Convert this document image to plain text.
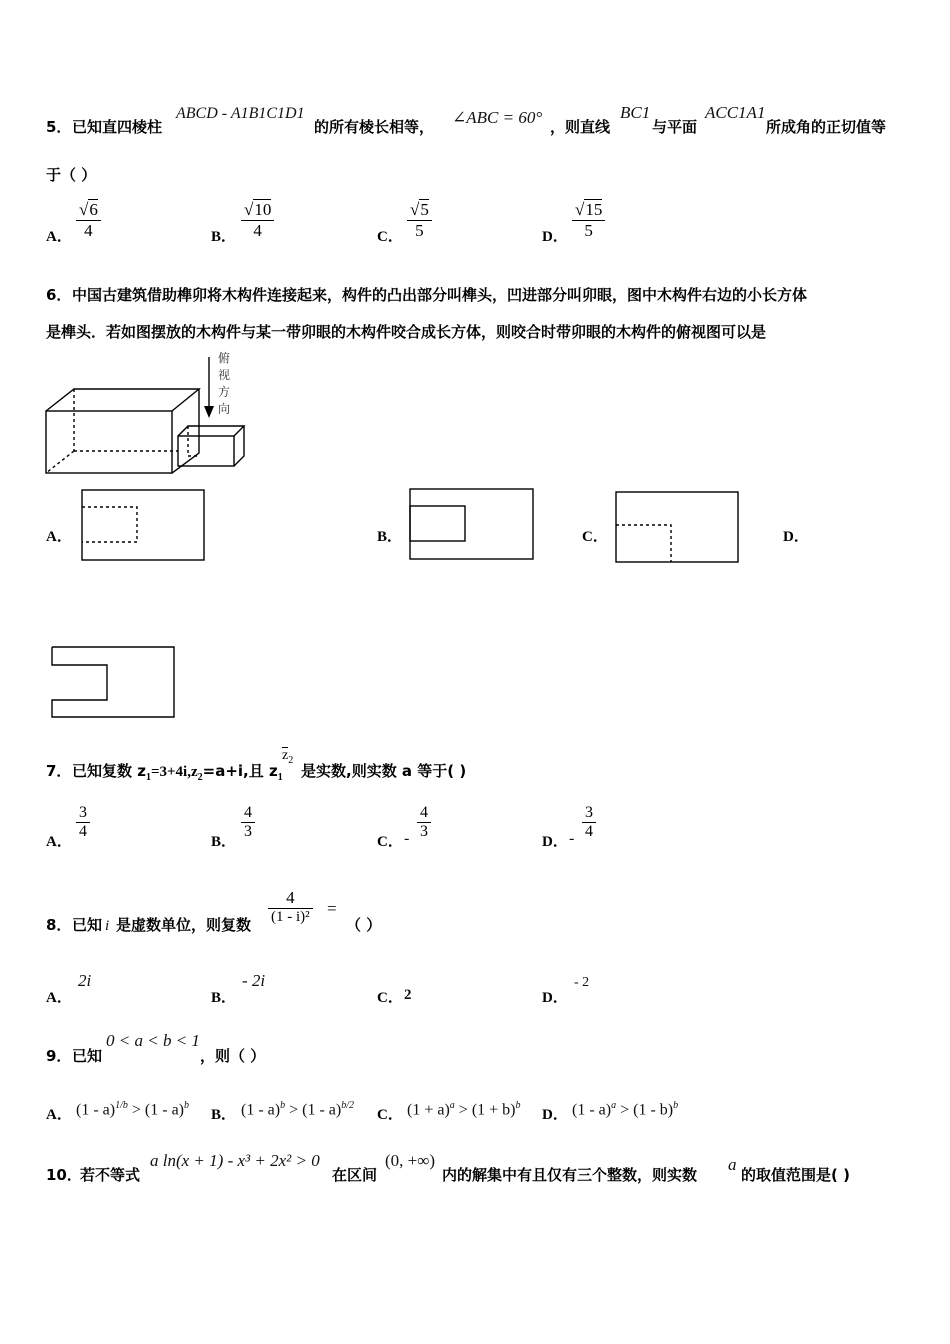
5． 已知直四棱柱
ABCD - A1B1C1D1
的所有棱长相等， ∠ABC = 60° ，则直线
BC1
与平面
ACC1A1
所成角的正切值等
于（ ）
A． $\frac{√6}{4}$	B． $\frac{√10}{4}$	C． $\frac{√5}{5}$	D． $\frac{√15}{5}$
6． 中国古建筑借助榫卯将木构件连接起来，构件的凸出部分叫榫头，凹进部分叫卯眼，图中木构件右边的小长方体
是榫头．若如图摆放的木构件与某一带卯眼的木构件咬合成长方体，则咬合时带卯眼的木构件的俯视图可以是
俯
视
方
向
A．	B．	C．	D．
7． 已知复数 $z_1=3+4i,z_2=a+i$,且 $z_1$
$z_2$
是实数,则实数 a 等于( )
A．
$\frac{3}{4}$
B．
$\frac{4}{3}$
C． - $\frac{4}{3}$
D． - $\frac{3}{4}$
8． 已知 i 是虚数单位，则复数 $\frac{4}{\text{(1 - i)²}}$ =
（ ）
A．
2i
B．
- 2i
C． 2	D．
- 2
9． 已知
0 < a < b < 1
，则（ ）
A． (1 - a)$^{1/b}$ > (1 - a)$^b$
B． (1 - a)$^b$ > (1 - a)$^{b/2}$
C． $(1 + a)^a > (1 + b)^b$
D． (1 - a)$^a$ > (1 - b)$^b$
10．
若不等式
a ln(x + 1) - x³ + 2x² > 0
在区间
(0, +∞)
内的解集中有且仅有三个整数，则实数
a
的取值范围是( )
